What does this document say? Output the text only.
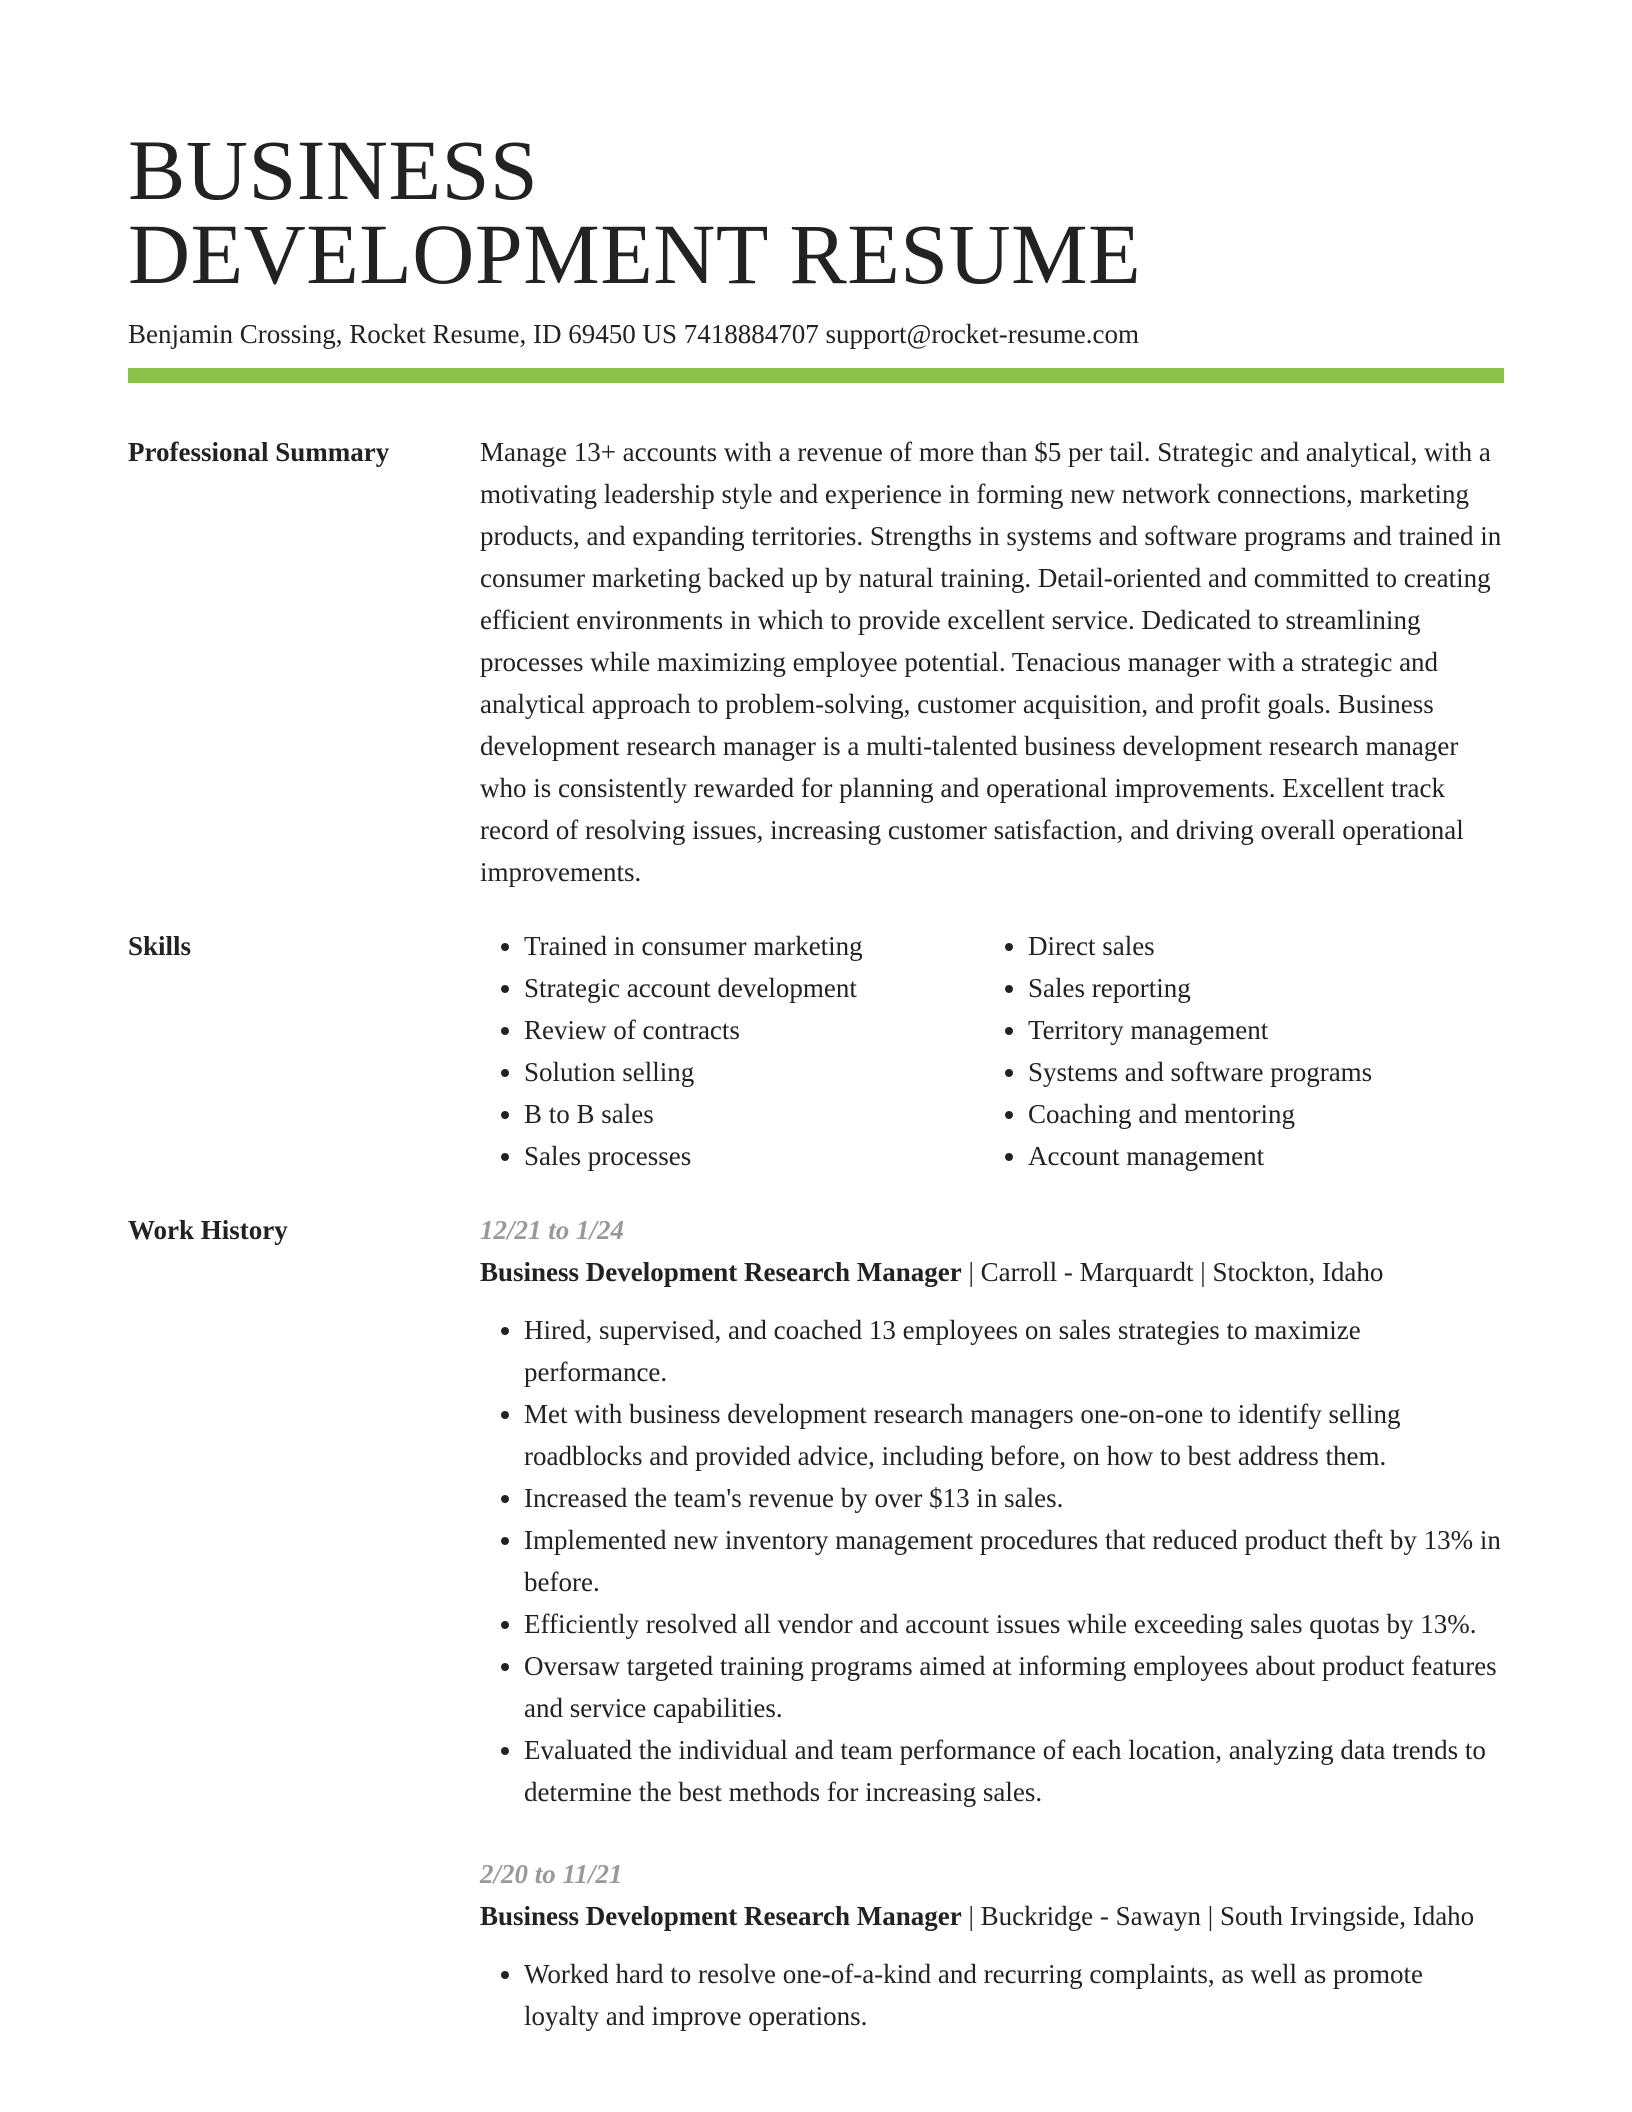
BUSINESS
DEVELOPMENT RESUME
Benjamin Crossing, Rocket Resume, ID 69450 US 7418884707 support@rocket-resume.com
Professional Summary	Manage 13+ accounts with a revenue of more than $5 per tail. Strategic and analytical, with a motivating leadership style and experience in forming new network connections, marketing products, and expanding territories. Strengths in systems and software programs and trained in consumer marketing backed up by natural training. Detail-oriented and committed to creating efficient environments in which to provide excellent service. Dedicated to streamlining processes while maximizing employee potential. Tenacious manager with a strategic and analytical approach to problem-solving, customer acquisition, and profit goals. Business development research manager is a multi-talented business development research manager who is consistently rewarded for planning and operational improvements. Excellent track record of resolving issues, increasing customer satisfaction, and driving overall operational improvements.

Skills
•	Trained in consumer marketing
• Strategic account development
• Review of contracts
• Solution selling
• B to B sales
• Sales processes
• Direct sales
• Sales reporting
• Territory management
• Systems and software programs
• Coaching and mentoring
• Account management
Work History	12/21 to 1/24
Business Development Research Manager | Carroll - Marquardt | Stockton, Idaho
• Hired, supervised, and coached 13 employees on sales strategies to maximize performance.
• Met with business development research managers one-on-one to identify selling roadblocks and provided advice, including before, on how to best address them.
• Increased the team's revenue by over $13 in sales.
• Implemented new inventory management procedures that reduced product theft by 13% in before.
• Efficiently resolved all vendor and account issues while exceeding sales quotas by 13%.
• Oversaw targeted training programs aimed at informing employees about product features and service capabilities.
• Evaluated the individual and team performance of each location, analyzing data trends to determine the best methods for increasing sales.
2/20 to 11/21
Business Development Research Manager | Buckridge - Sawayn | South Irvingside, Idaho
• Worked hard to resolve one-of-a-kind and recurring complaints, as well as promote loyalty and improve operations.
